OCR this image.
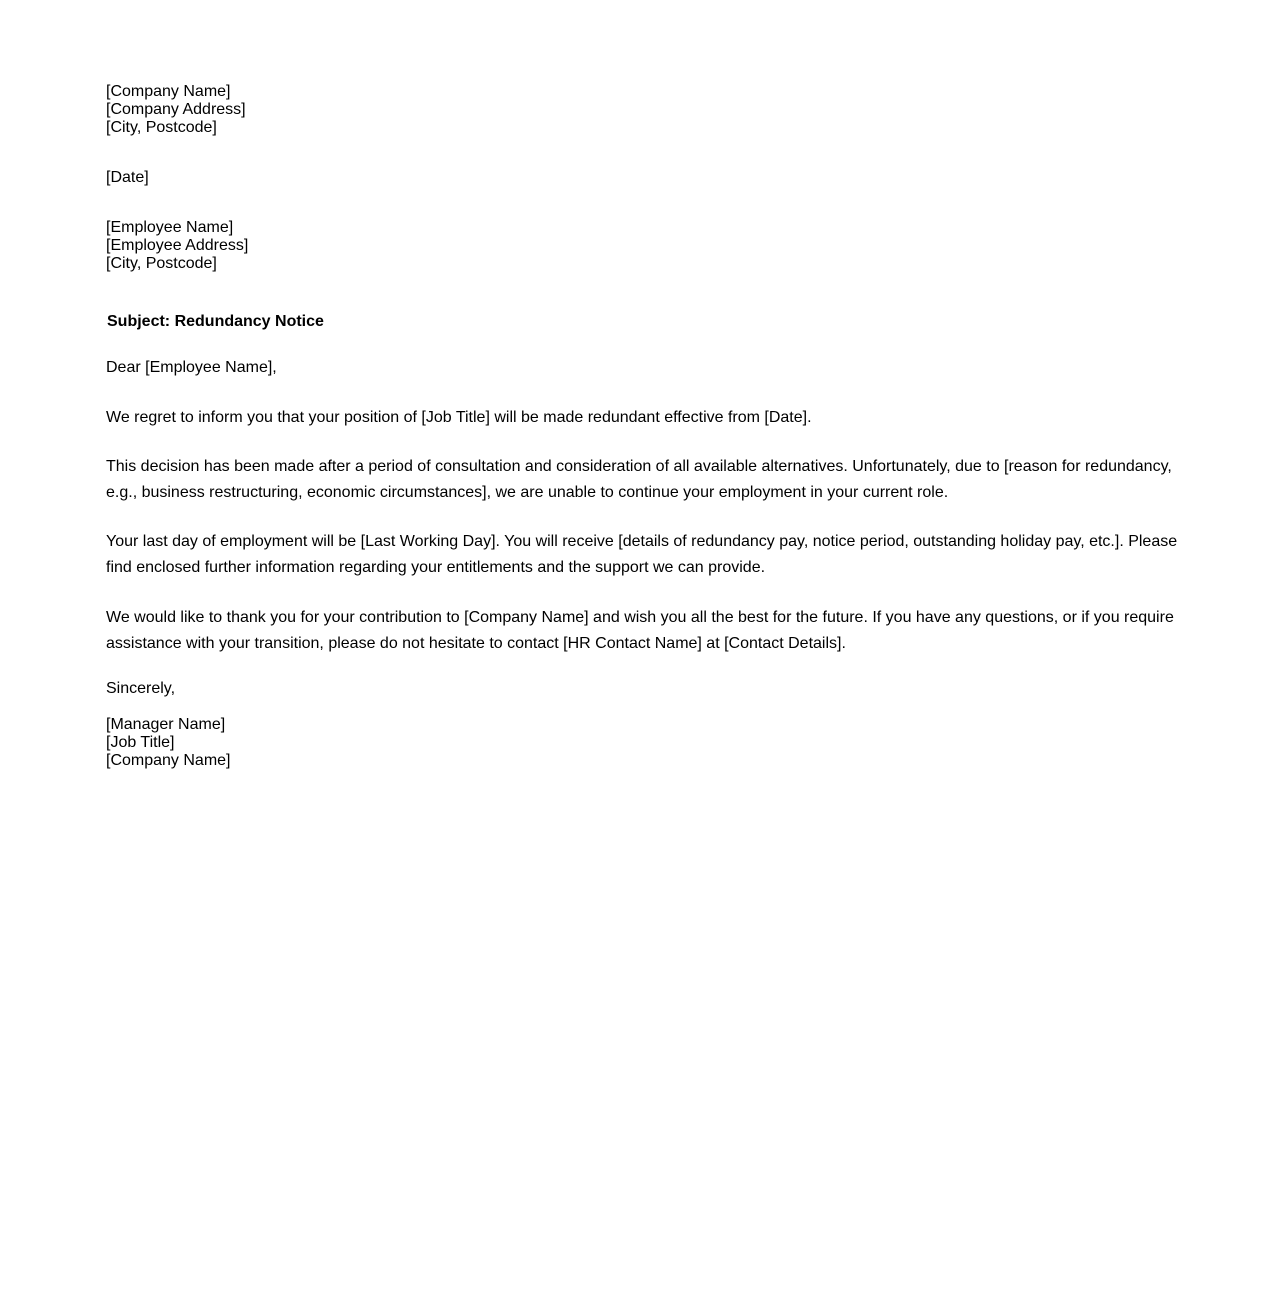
[Company Name]
[Company Address]
[City, Postcode]
[Date]
[Employee Name]
[Employee Address]
[City, Postcode]
Subject: Redundancy Notice
Dear [Employee Name],
We regret to inform you that your position of [Job Title] will be made redundant effective from [Date].
This decision has been made after a period of consultation and consideration of all available alternatives. Unfortunately, due to [reason for redundancy, e.g., business restructuring, economic circumstances], we are unable to continue your employment in your current role.
Your last day of employment will be [Last Working Day]. You will receive [details of redundancy pay, notice period, outstanding holiday pay, etc.]. Please find enclosed further information regarding your entitlements and the support we can provide.
We would like to thank you for your contribution to [Company Name] and wish you all the best for the future. If you have any questions, or if you require assistance with your transition, please do not hesitate to contact [HR Contact Name] at [Contact Details].
Sincerely,
[Manager Name]
[Job Title]
[Company Name]
